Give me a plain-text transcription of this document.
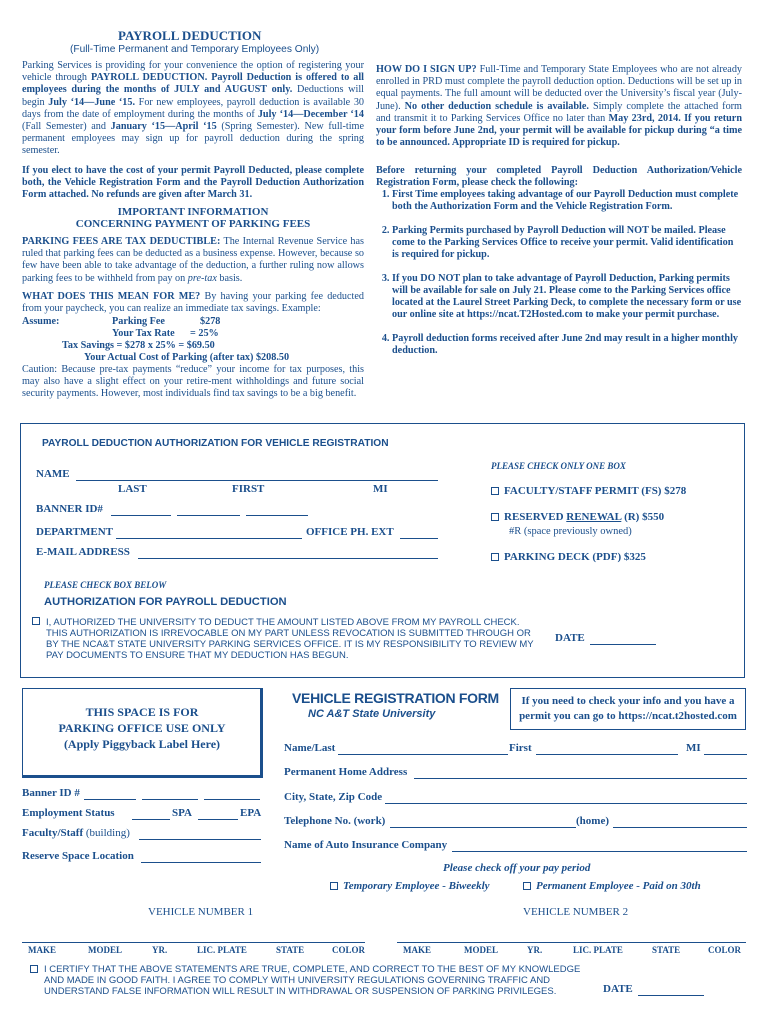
PAYROLL DEDUCTION
(Full-Time Permanent and Temporary Employees Only)

Parking Services is providing for your convenience the option of registering your vehicle through PAYROLL DEDUCTION. Payroll Deduction is offered to all employees during the months of JULY and AUGUST only. Deductions will begin July ‘14—June ‘15. For new employees, payroll deduction is available 30 days from the date of employment during the months of July ‘14—December ‘14 (Fall Semester) and January ‘15—April ‘15 (Spring Semester). New full-time permanent employees may sign up for payroll deduction during the spring semester.

If you elect to have the cost of your permit Payroll Deducted, please complete both, the Vehicle Registration Form and the Payroll Deduction Authorization Form attached. No refunds are given after March 31.

IMPORTANT INFORMATION
CONCERNING PAYMENT OF PARKING FEES

PARKING FEES ARE TAX DEDUCTIBLE: The Internal Revenue Service has ruled that parking fees can be deducted as a business expense. However, because so few have been able to take advantage of the deduction, a further ruling now allows parking fees to be withheld from pay on pre-tax basis.

WHAT DOES THIS MEAN FOR ME? By having your parking fee deducted from your paycheck, you can realize an immediate tax savings. Example:

Assume:	Parking Fee	$278
Your Tax Rate = 25%
Tax Savings = $278 x 25% = $69.50
Your Actual Cost of Parking (after tax) $208.50

Caution: Because pre-tax payments “reduce” your income for tax purposes, this may also have a slight effect on your retire-ment withholdings and future social security payments. However, most individuals find tax savings to be a big benefit.

HOW DO I SIGN UP? Full-Time and Temporary State Employees who are not already enrolled in PRD must complete the payroll deduction option. Deductions will be set up in equal payments. The full amount will be deducted over the University’s fiscal year (July-June). No other deduction schedule is available. Simply complete the attached form and transmit it to Parking Services Office no later than May 23rd, 2014. If you return your form before June 2nd, your permit will be available for pickup during “a time to be announced. Appropriate ID is required for pickup.

Before returning your completed Payroll Deduction Authorization/Vehicle Registration Form, please check the following:

1. First Time employees taking advantage of our Payroll Deduction must complete both the Authorization Form and the Vehicle Registration Form.
2. Parking Permits purchased by Payroll Deduction will NOT be mailed. Please come to the Parking Services Office to receive your permit. Valid identification is required for pickup.
3. If you DO NOT plan to take advantage of Payroll Deduction, Parking permits will be available for sale on July 21. Please come to the Parking Services office located at the Laurel Street Parking Deck, to complete the necessary form or use our online site at https://ncat.T2Hosted.com to make your permit purchase.
4. Payroll deduction forms received after June 2nd may result in a higher monthly deduction.
PAYROLL DEDUCTION AUTHORIZATION FOR VEHICLE REGISTRATION
PLEASE CHECK ONLY ONE BOX
NAME
LAST	FIRST	MI
BANNER ID#
DEPARTMENT	OFFICE PH. EXT
E-MAIL ADDRESS
FACULTY/STAFF PERMIT (FS) $278
RESERVED RENEWAL (R) $550
#R (space previously owned)
PARKING DECK (PDF) $325
PLEASE CHECK BOX BELOW
AUTHORIZATION FOR PAYROLL DEDUCTION
I, AUTHORIZED THE UNIVERSITY TO DEDUCT THE AMOUNT LISTED ABOVE FROM MY PAYROLL CHECK. THIS AUTHORIZATION IS IRREVOCABLE ON MY PART UNLESS REVOCATION IS SUBMITTED THROUGH OR BY THE NCA&T STATE UNIVERSITY PARKING SERVICES OFFICE. IT IS MY RESPONSIBILITY TO REVIEW MY PAY DOCUMENTS TO ENSURE THAT MY DEDUCTION HAS BEGUN.
DATE
THIS SPACE IS FOR
PARKING OFFICE USE ONLY
(Apply Piggyback Label Here)
Banner ID #
Employment Status	SPA	EPA
Faculty/Staff (building)
Reserve Space Location
VEHICLE REGISTRATION FORM
NC A&T State University
If you need to check your info and you have a
permit you can go to https://ncat.t2hosted.com
Name/Last	First	MI
Permanent Home Address
City, State, Zip Code
Telephone No. (work)	(home)
Name of Auto Insurance Company
Please check off your pay period
Temporary Employee - Biweekly	Permanent Employee - Paid on 30th
VEHICLE NUMBER 1	VEHICLE NUMBER 2
MAKE	MODEL	YR.	LIC. PLATE	STATE	COLOR	MAKE	MODEL	YR.	LIC. PLATE	STATE	COLOR
I CERTIFY THAT THE ABOVE STATEMENTS ARE TRUE, COMPLETE, AND CORRECT TO THE BEST OF MY KNOWLEDGE AND MADE IN GOOD FAITH. I AGREE TO COMPLY WITH UNIVERSITY REGULATIONS GOVERNING TRAFFIC AND UNDERSTAND FALSE INFORMATION WILL RESULT IN WITHDRAWAL OR SUSPENSION OF PARKING PRIVILEGES.	DATE
